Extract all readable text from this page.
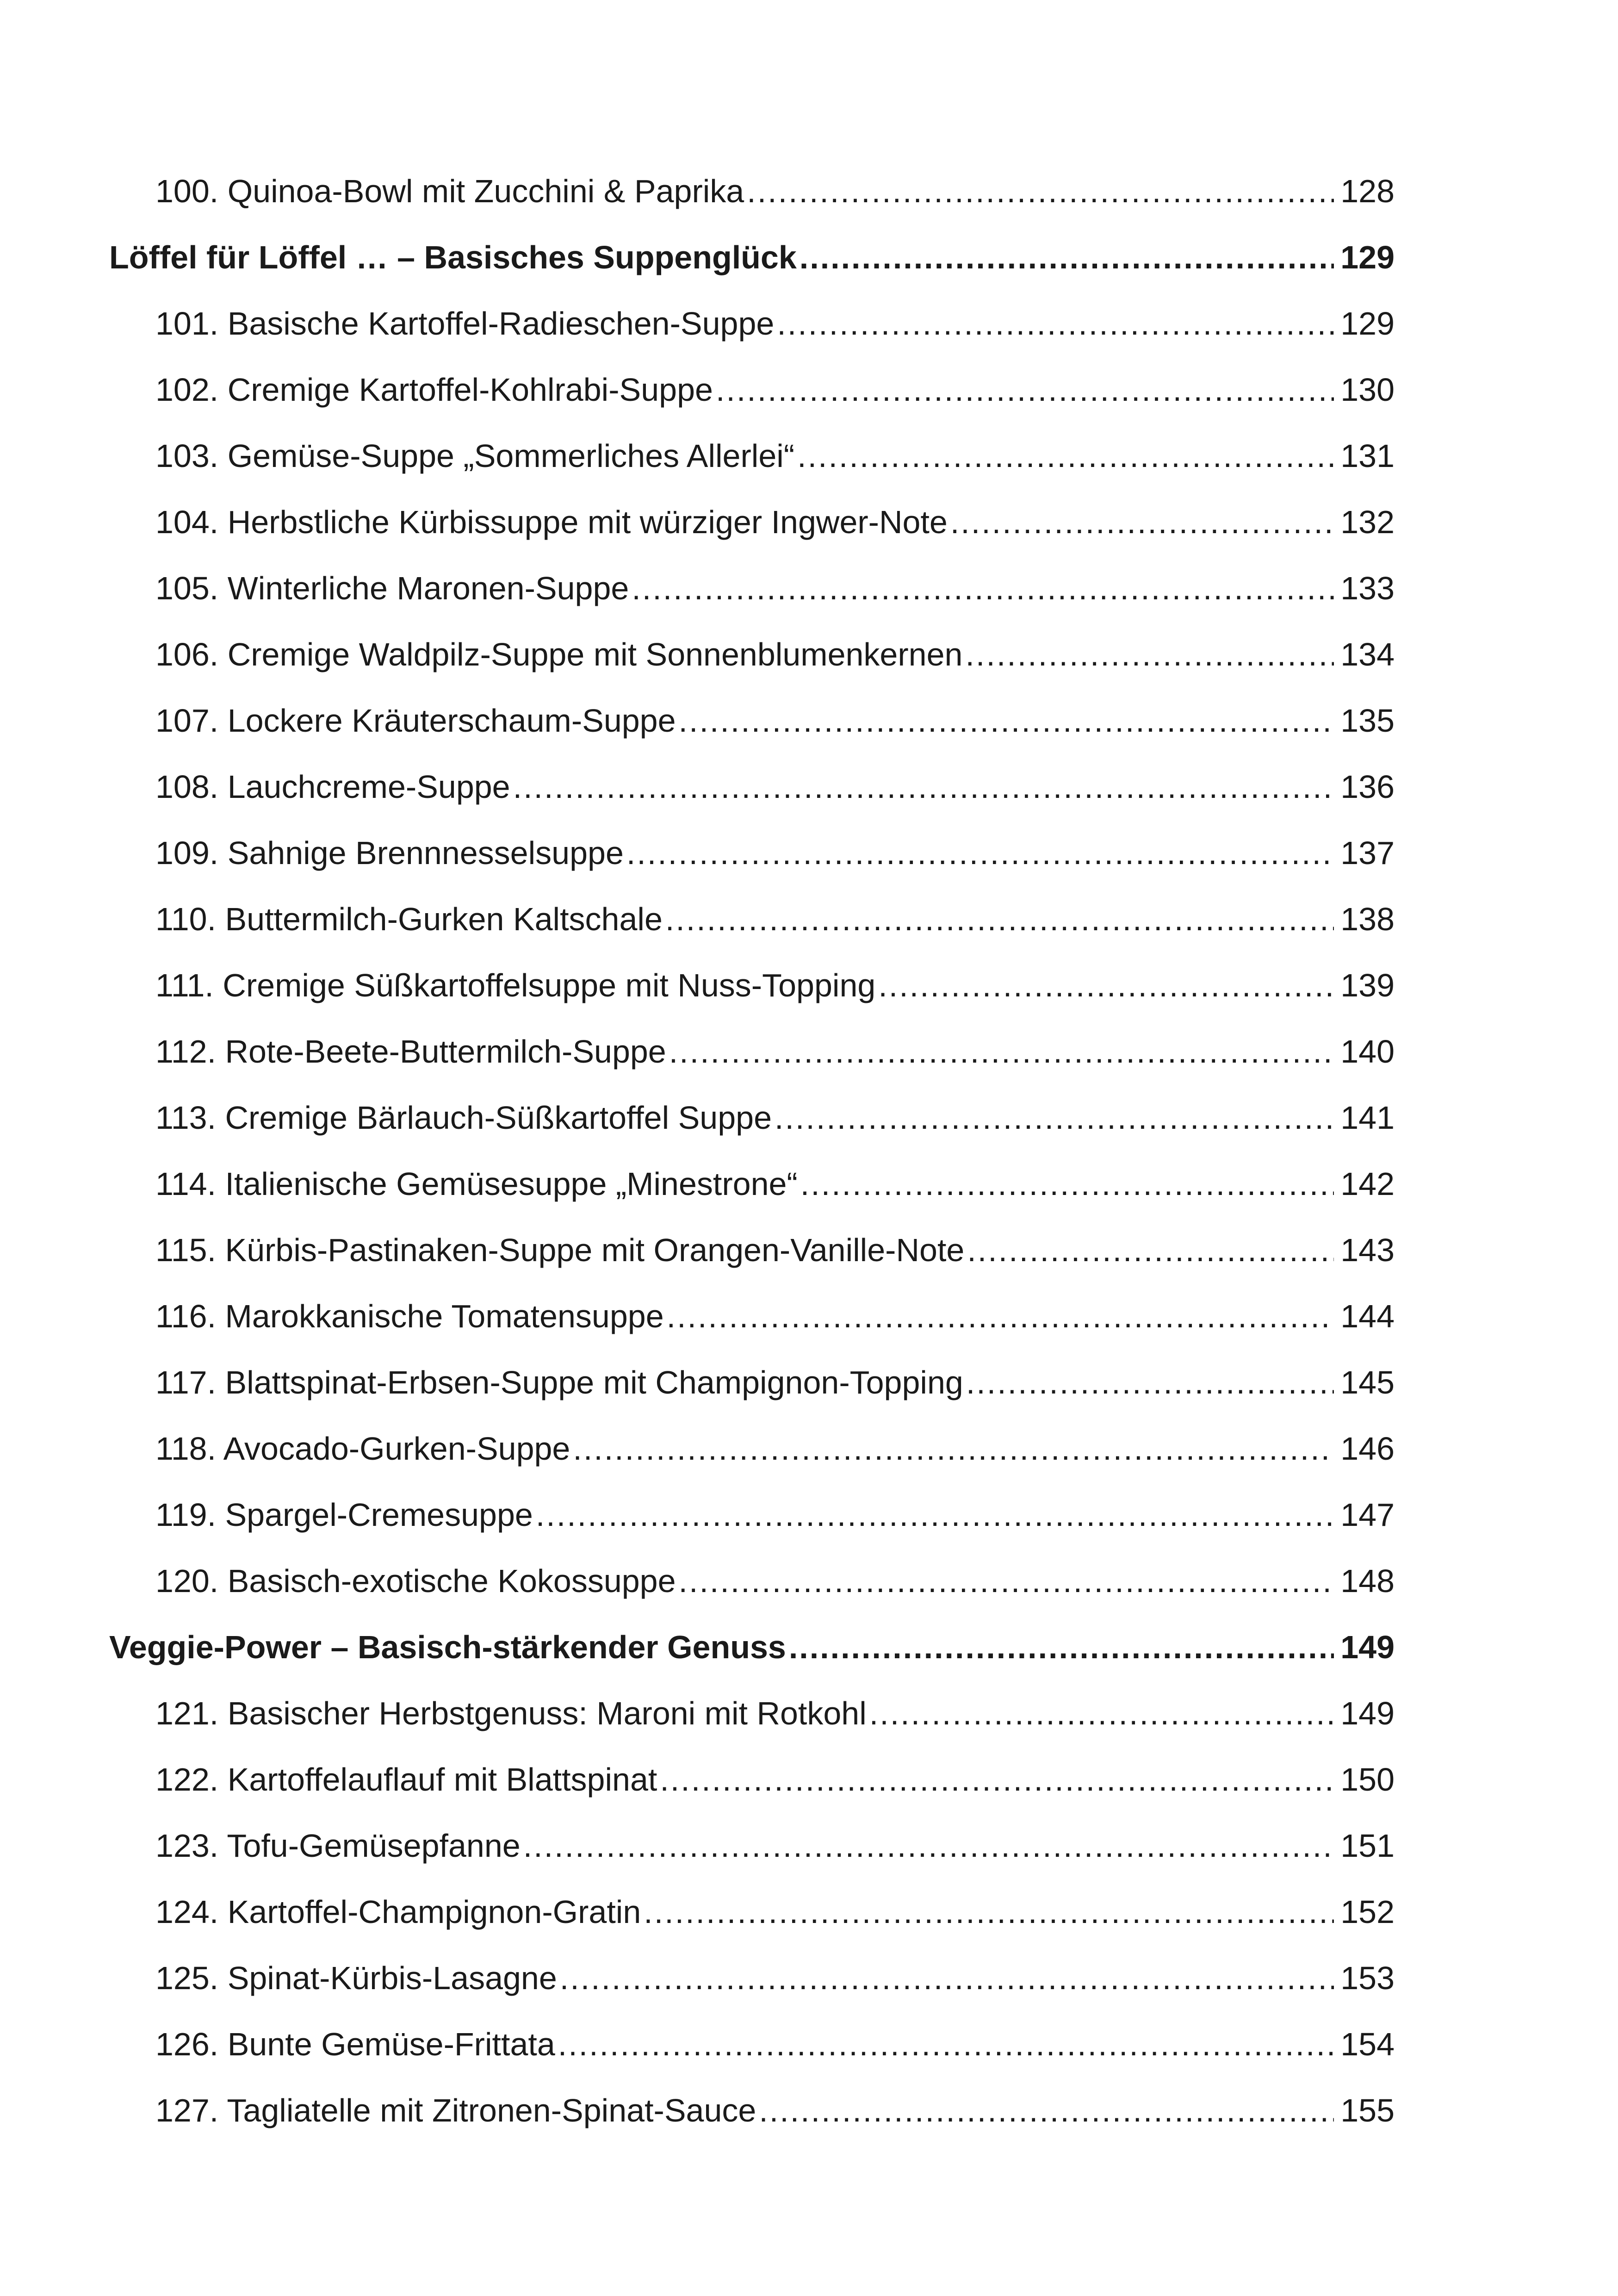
100. Quinoa-Bowl mit Zucchini & Paprika .....	128
Löffel für Löffel … – Basisches Suppenglück .....	129
101. Basische Kartoffel-Radieschen-Suppe .....	129
102. Cremige Kartoffel-Kohlrabi-Suppe .....	130
103. Gemüse-Suppe „Sommerliches Allerlei“ .....	131
104. Herbstliche Kürbissuppe mit würziger Ingwer-Note .....	132
105. Winterliche Maronen-Suppe .....	133
106. Cremige Waldpilz-Suppe mit Sonnenblumenkernen .....	134
107. Lockere Kräuterschaum-Suppe .....	135
108. Lauchcreme-Suppe .....	136
109. Sahnige Brennnesselsuppe .....	137
110. Buttermilch-Gurken Kaltschale .....	138
111. Cremige Süßkartoffelsuppe mit Nuss-Topping .....	139
112. Rote-Beete-Buttermilch-Suppe .....	140
113. Cremige Bärlauch-Süßkartoffel Suppe .....	141
114. Italienische Gemüsesuppe „Minestrone“ .....	142
115. Kürbis-Pastinaken-Suppe mit Orangen-Vanille-Note .....	143
116. Marokkanische Tomatensuppe .....	144
117. Blattspinat-Erbsen-Suppe mit Champignon-Topping .....	145
118. Avocado-Gurken-Suppe .....	146
119. Spargel-Cremesuppe .....	147
120. Basisch-exotische Kokossuppe .....	148
Veggie-Power – Basisch-stärkender Genuss .....	149
121. Basischer Herbstgenuss: Maroni mit Rotkohl .....	149
122. Kartoffelauflauf mit Blattspinat .....	150
123. Tofu-Gemüsepfanne .....	151
124. Kartoffel-Champignon-Gratin .....	152
125. Spinat-Kürbis-Lasagne .....	153
126. Bunte Gemüse-Frittata .....	154
127. Tagliatelle mit Zitronen-Spinat-Sauce .....	155
